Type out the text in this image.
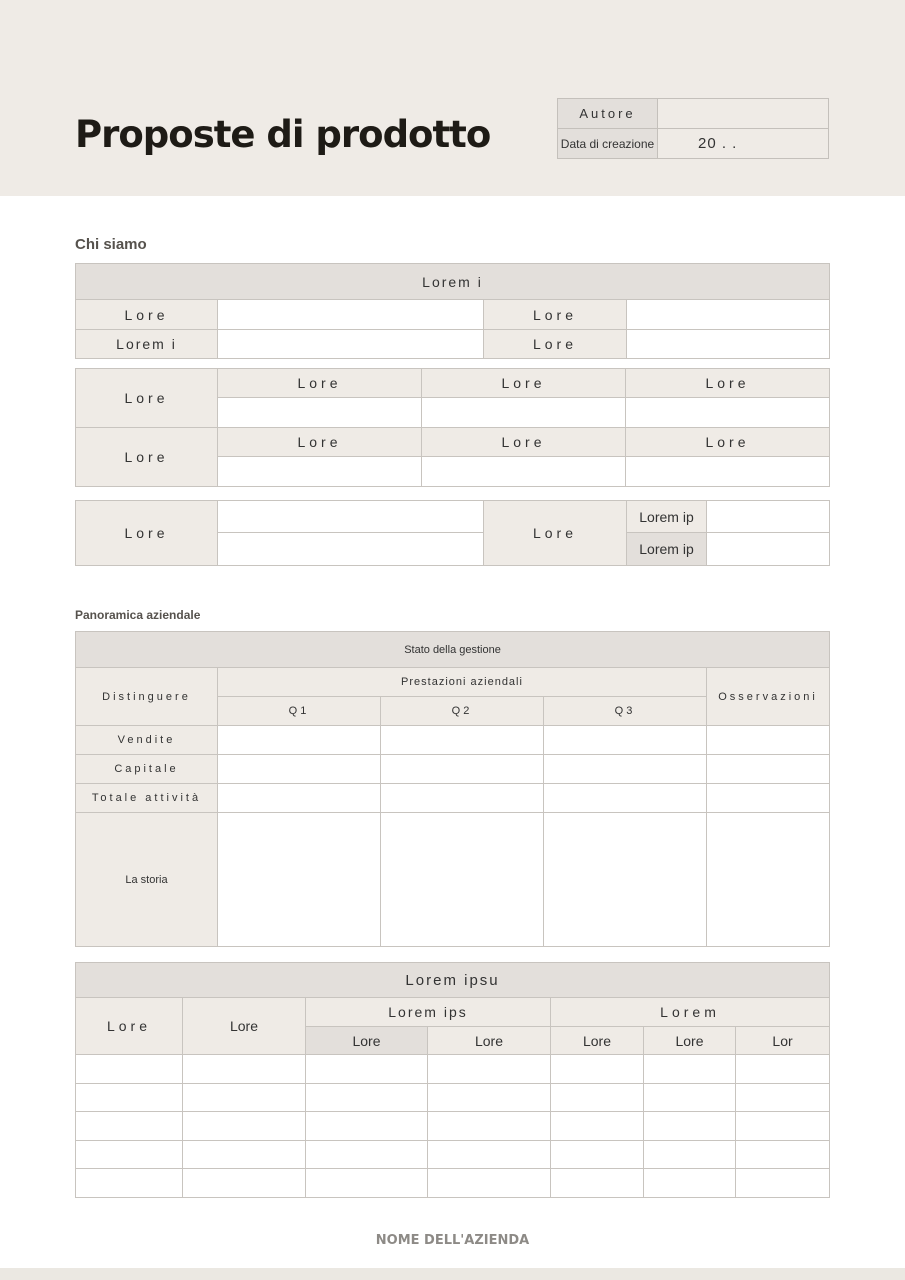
Proposte di prodotto	Autore	
Data di creazione	20 . .
Chi siamo
Lorem i			
Lore		Lore	
Lorem i		Lore	
Lore	Lore	Lore	Lore

Lore	Lore	Lore	Lore

Lore		Lore	Lorem ip	
			Lorem ip	
Panoramica aziendale
Stato della gestione				
Distinguere	Prestazioni aziendali			Osservazioni
	Q1	Q2	Q3	
Vendite				
Capitale				
Totale attività				
La storia				
Lorem ipsu						
Lore	Lore	Lorem ips		Lorem		
		Lore	Lore	Lore	Lore	Lor

NOME DELL'AZIENDA
